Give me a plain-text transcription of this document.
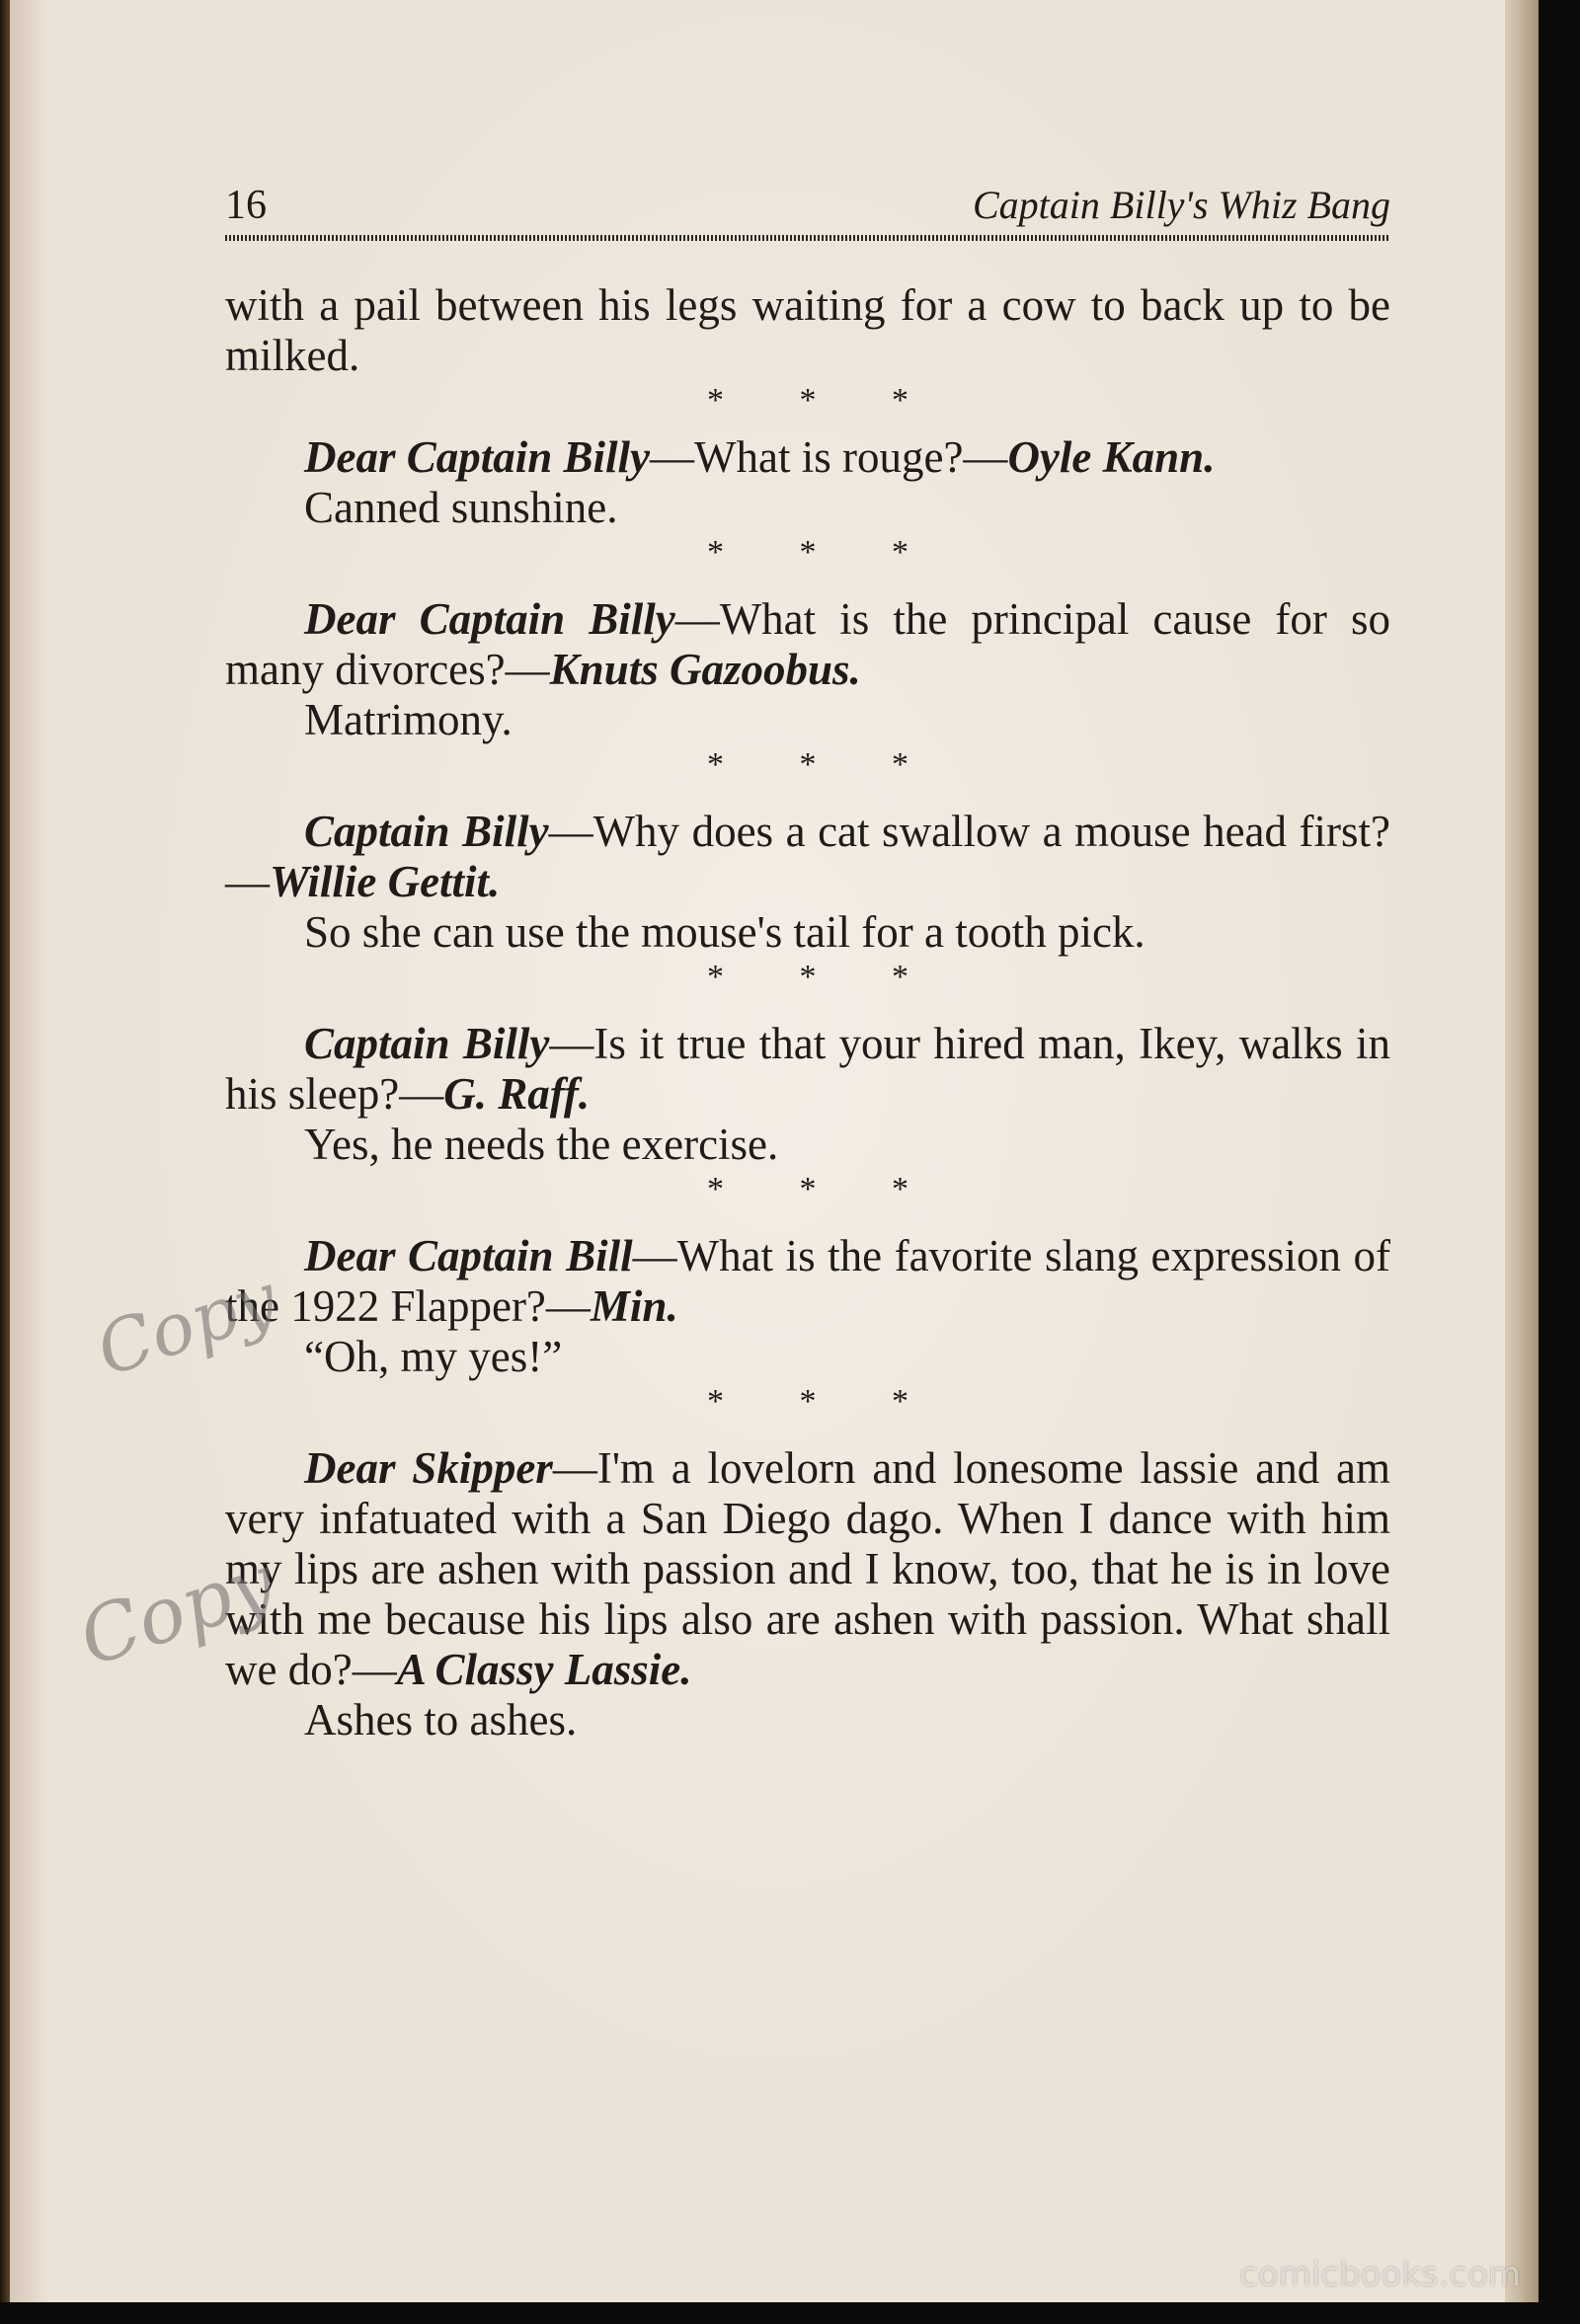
16	Captain Billy's Whiz Bang

with a pail between his legs waiting for a cow to back up to be milked.

* * *

Dear Captain Billy—What is rouge?—Oyle Kann.

Canned sunshine.

* * *

Dear Captain Billy—What is the principal cause for so many divorces?—Knuts Gazoobus.

Matrimony.

* * *

Captain Billy—Why does a cat swallow a mouse head first?—Willie Gettit.

So she can use the mouse's tail for a tooth pick.

* * *

Captain Billy—Is it true that your hired man, Ikey, walks in his sleep?—G. Raff.

Yes, he needs the exercise.

* * *

Dear Captain Bill—What is the favorite slang expression of the 1922 Flapper?—Min.

“Oh, my yes!”

* * *

Dear Skipper—I'm a lovelorn and lonesome lassie and am very infatuated with a San Diego dago. When I dance with him my lips are ashen with passion and I know, too, that he is in love with me because his lips also are ashen with passion. What shall we do?—A Classy Lassie.

Ashes to ashes.

Copy
Copy
comicbooks.com
